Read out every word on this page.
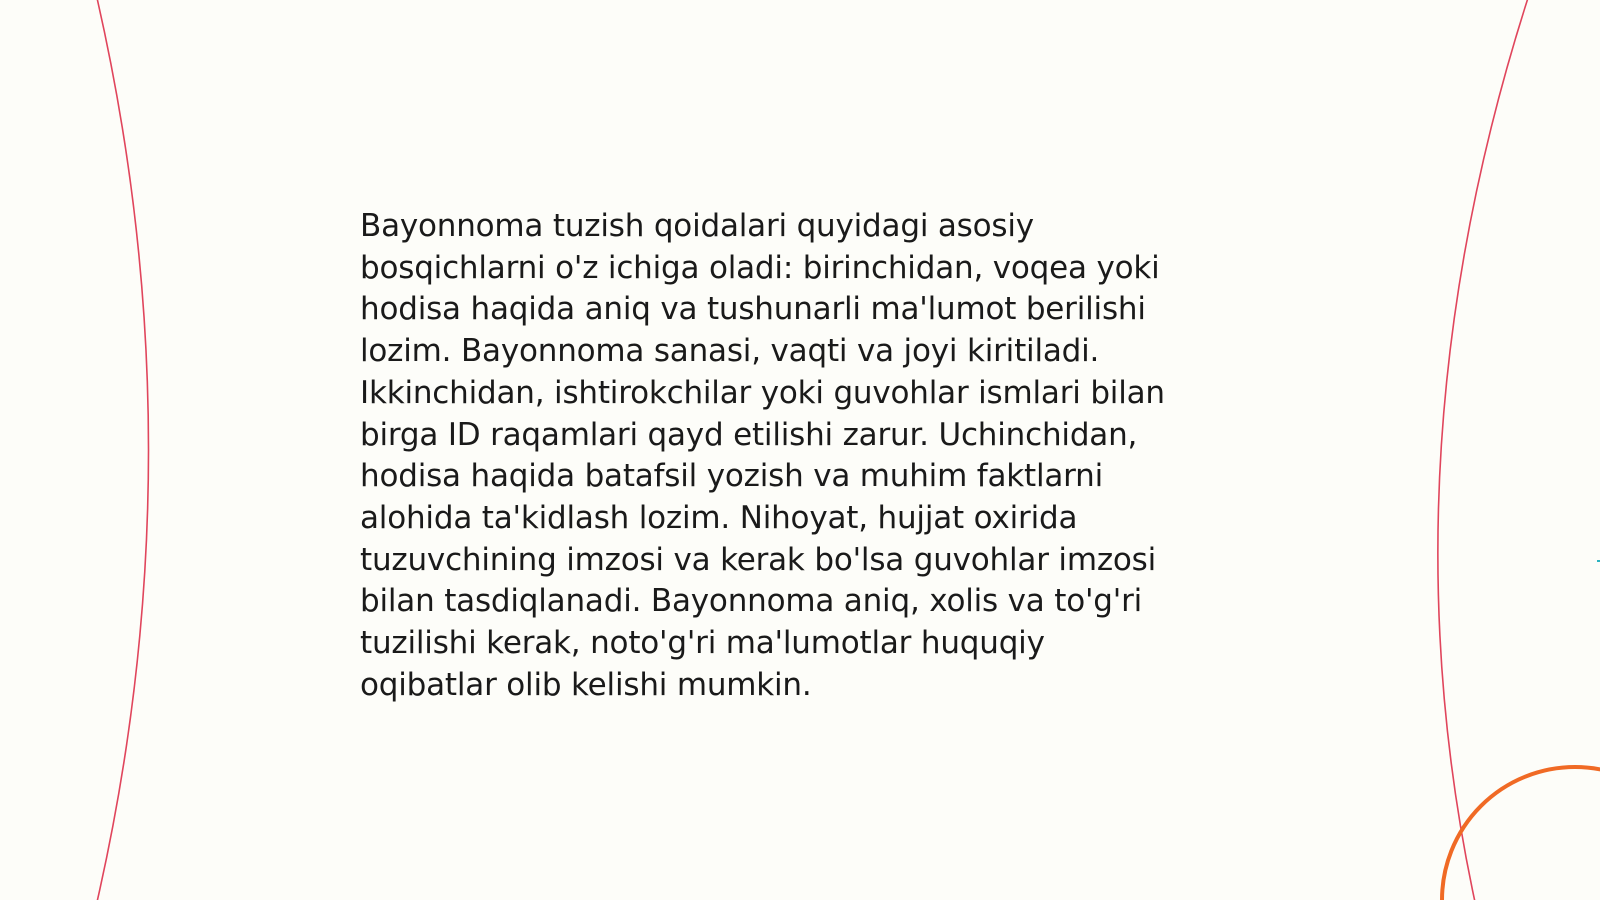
Bayonnoma tuzish qoidalari quyidagi asosiy
bosqichlarni o'z ichiga oladi: birinchidan, voqea yoki
hodisa haqida aniq va tushunarli ma'lumot berilishi
lozim. Bayonnoma sanasi, vaqti va joyi kiritiladi.
Ikkinchidan, ishtirokchilar yoki guvohlar ismlari bilan
birga ID raqamlari qayd etilishi zarur. Uchinchidan,
hodisa haqida batafsil yozish va muhim faktlarni
alohida ta'kidlash lozim. Nihoyat, hujjat oxirida
tuzuvchining imzosi va kerak bo'lsa guvohlar imzosi
bilan tasdiqlanadi. Bayonnoma aniq, xolis va to'g'ri
tuzilishi kerak, noto'g'ri ma'lumotlar huquqiy
oqibatlar olib kelishi mumkin.
